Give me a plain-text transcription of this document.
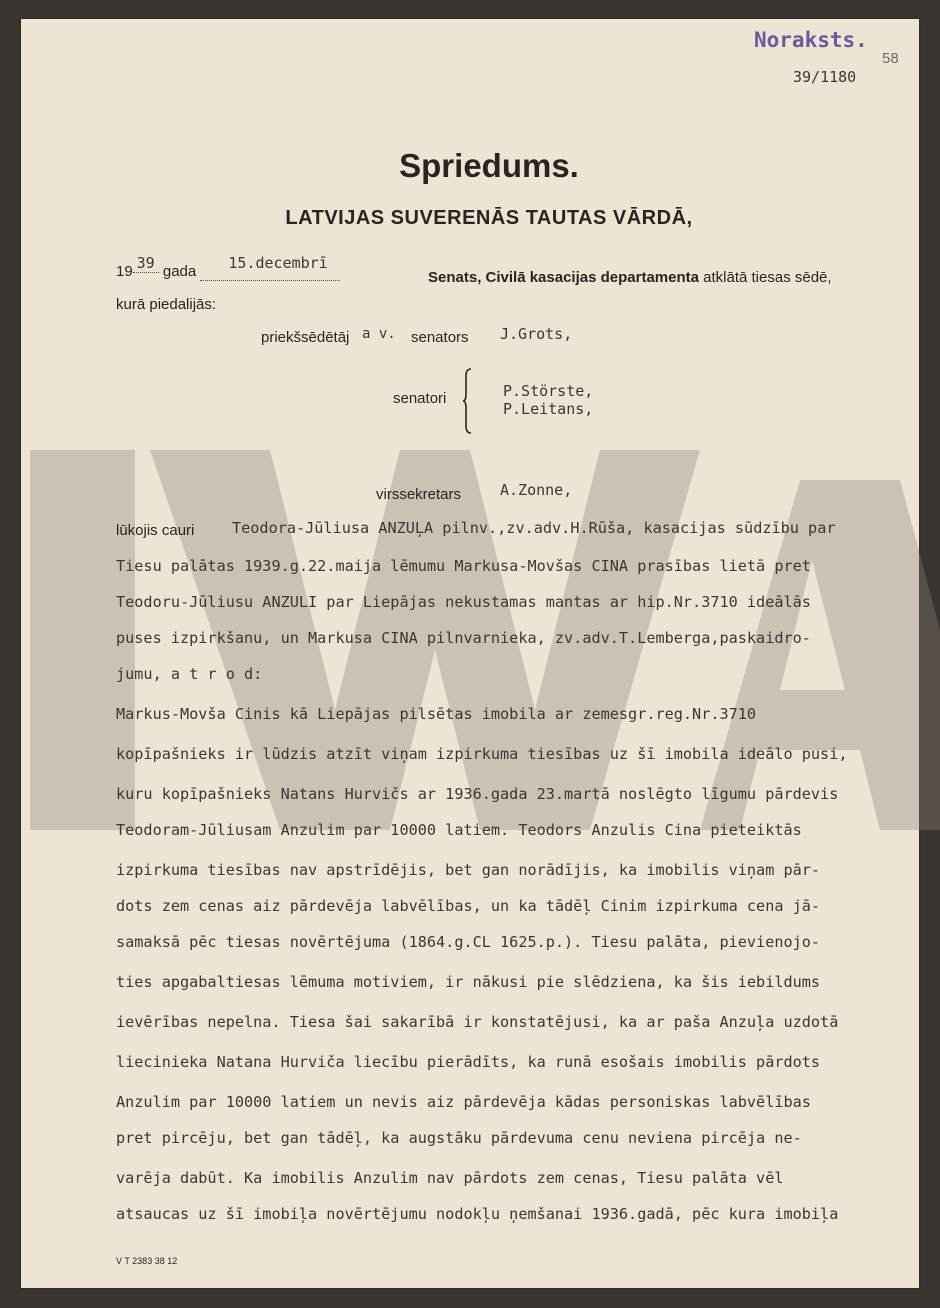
Noraksts.
58
39/1180
Spriedums.
LATVIJAS SUVERENĀS TAUTAS VĀRDĀ,
19 39 gada 15.decembrī
Senats, Civilā kasacijas departamenta atklātā tiesas sēdē,
kurā piedalijās:
priekšsēdētāj a v. senators J.Grots,
senatori	P.Störste,
P.Leitans,
virssekretars	A.Zonne,
lūkojis cauri Teodora-Jūliusa ANZUĻA pilnv.,zv.adv.H.Rūša, kasacijas sūdzību par
Tiesu palātas 1939.g.22.maija lēmumu Markusa-Movšas CINA prasības lietā pret
Teodoru-Jūliusu ANZULI par Liepājas nekustamas mantas ar hip.Nr.3710 ideālās
puses izpirkšanu, un Markusa CINA pilnvarnieka, zv.adv.T.Lemberga,paskaidro-
jumu, a t r o d:
Markus-Movša Cinis kā Liepājas pilsētas imobila ar zemesgr.reg.Nr.3710
kopīpašnieks ir lūdzis atzīt viņam izpirkuma tiesības uz šī imobila ideālo pusi,
kuru kopīpašnieks Natans Hurvičs ar 1936.gada 23.martā noslēgto līgumu pārdevis
Teodoram-Jūliusam Anzulim par 10000 latiem. Teodors Anzulis Cina pieteiktās
izpirkuma tiesības nav apstrīdējis, bet gan norādījis, ka imobilis viņam pār-
dots zem cenas aiz pārdevēja labvēlības, un ka tādēļ Cinim izpirkuma cena jā-
samaksā pēc tiesas novērtējuma (1864.g.CL 1625.p.). Tiesu palāta, pievienojo-
ties apgabaltiesas lēmuma motiviem, ir nākusi pie slēdziena, ka šis iebildums
ievērības nepelna. Tiesa šai sakarībā ir konstatējusi, ka ar paša Anzuļa uzdotā
liecinieka Natana Hurviča liecību pierādīts, ka runā esošais imobilis pārdots
Anzulim par 10000 latiem un nevis aiz pārdevēja kādas personiskas labvēlības
pret pircēju, bet gan tādēļ, ka augstāku pārdevuma cenu neviena pircēja ne-
varēja dabūt. Ka imobilis Anzulim nav pārdots zem cenas, Tiesu palāta vēl
atsaucas uz šī imobiļa novērtējumu nodokļu ņemšanai 1936.gadā, pēc kura imobiļa
V T 2383 38 12
